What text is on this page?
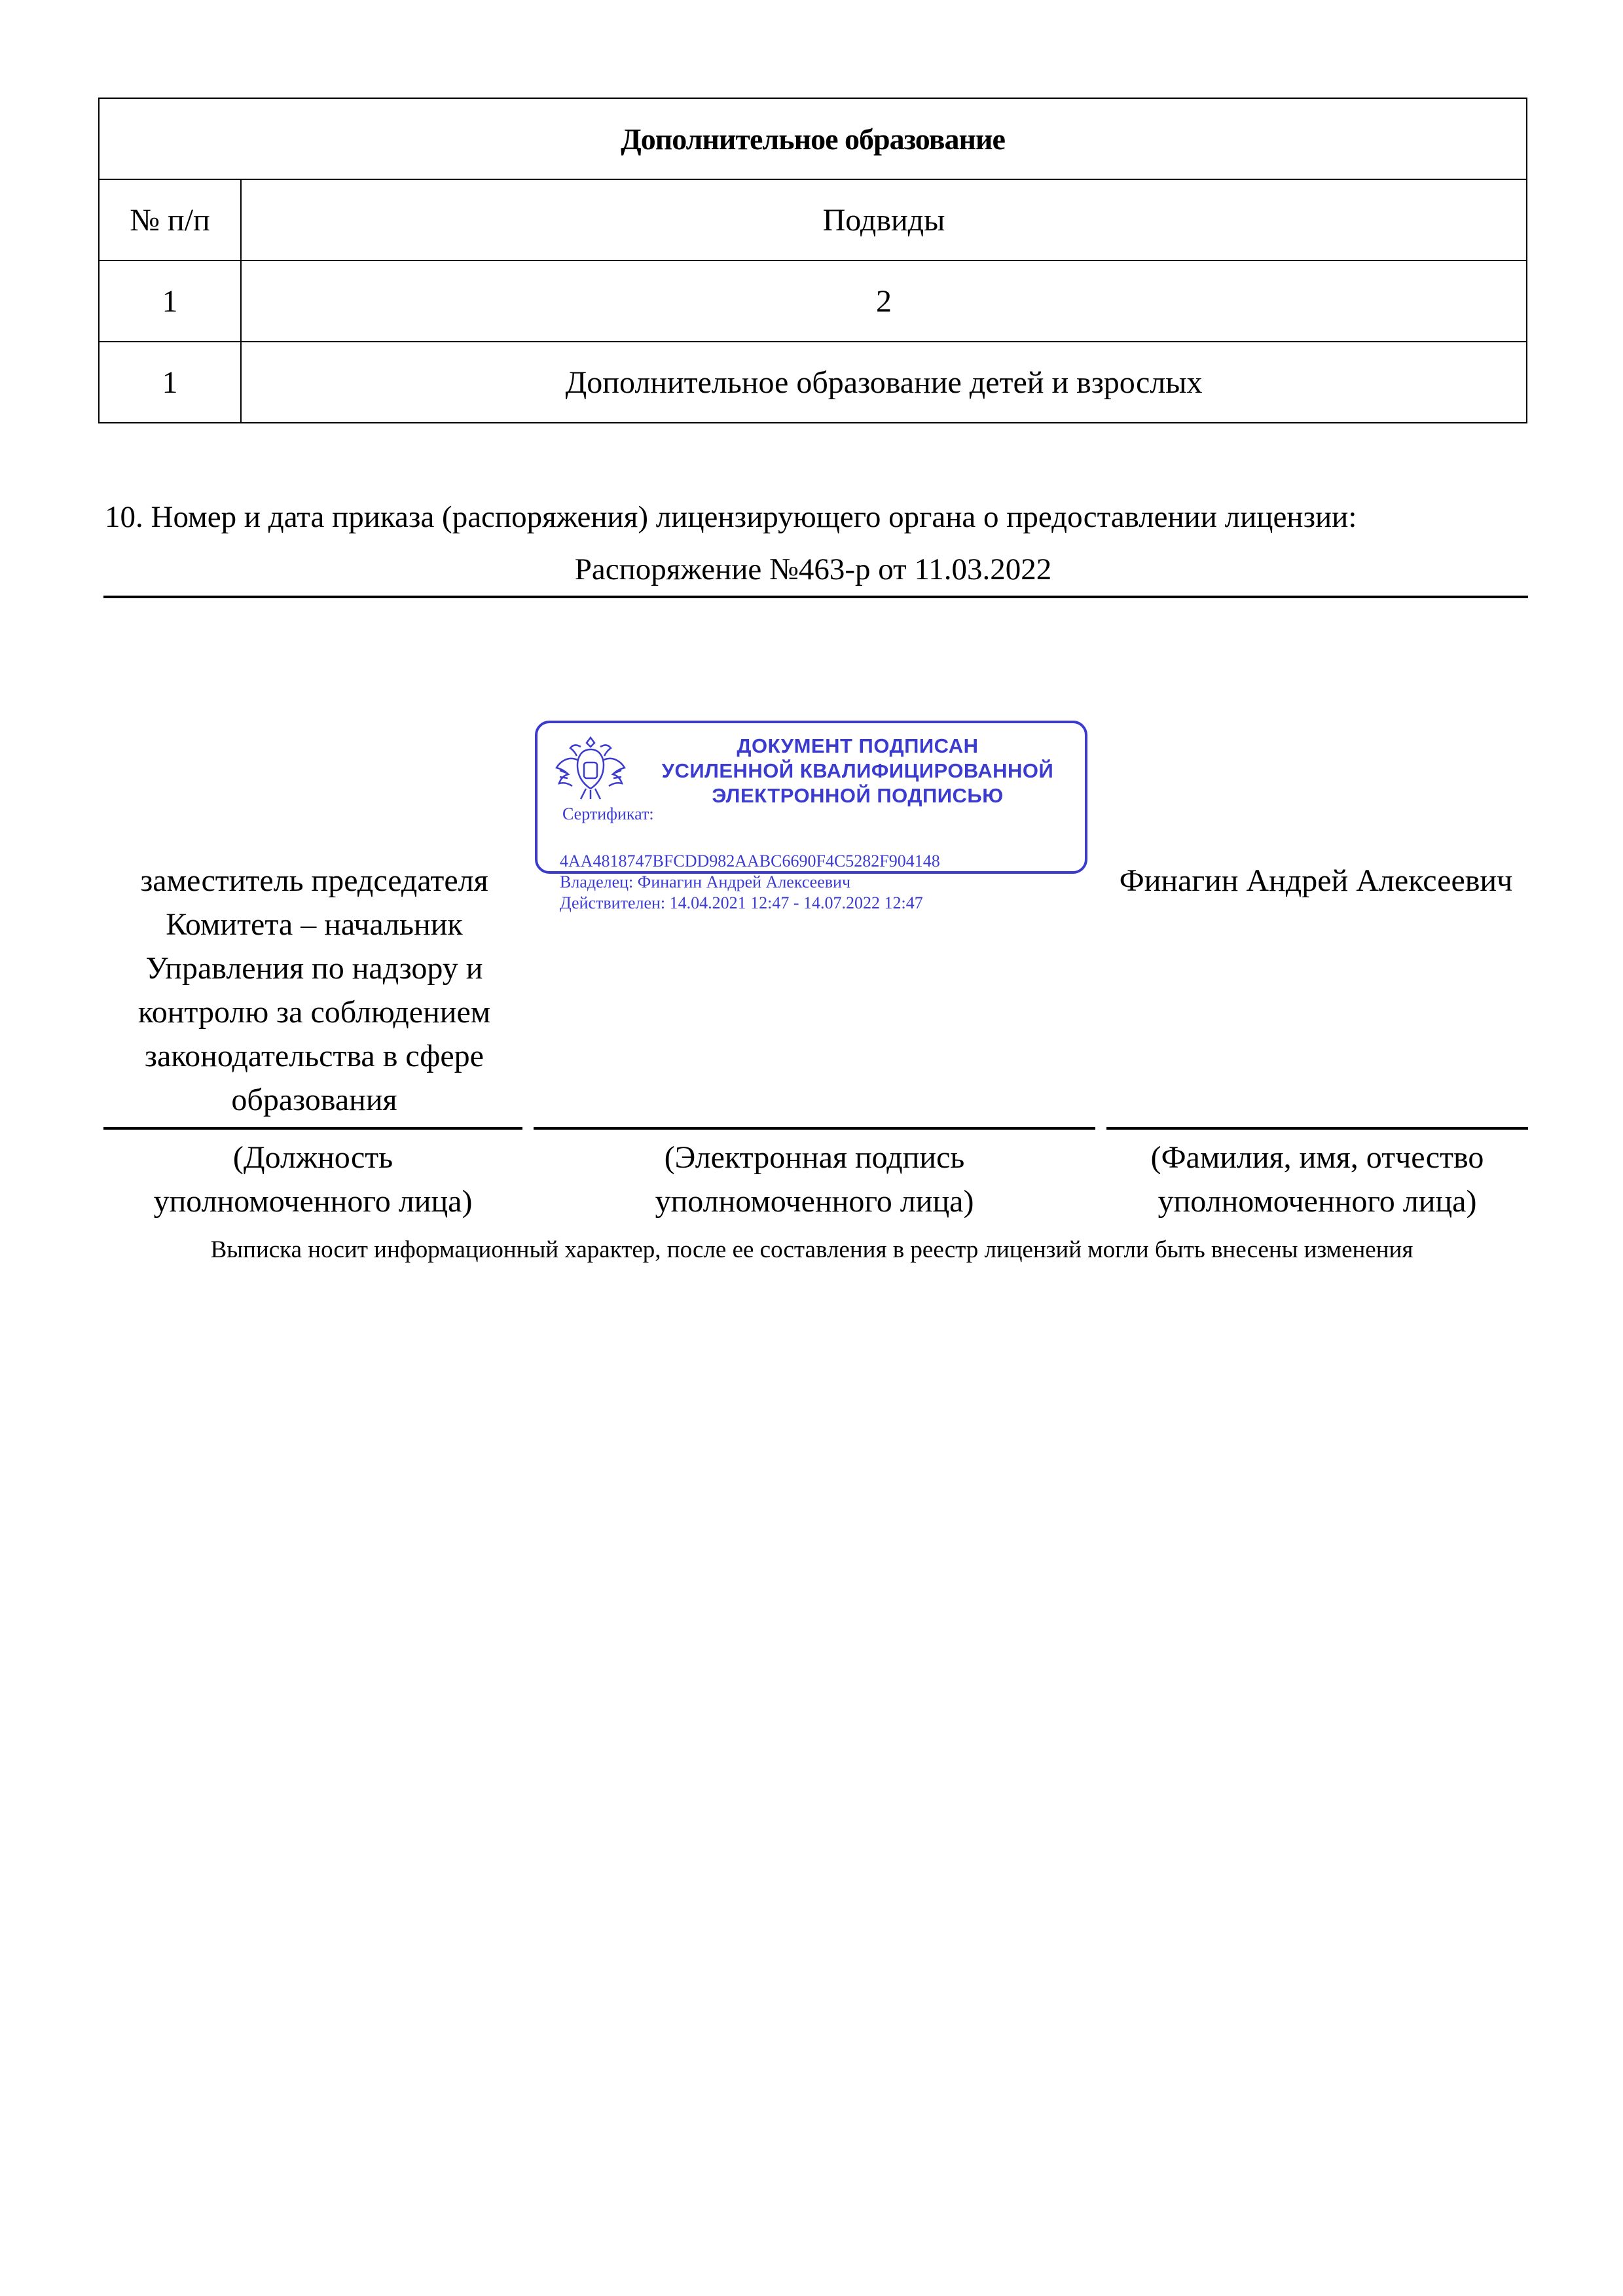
Дополнительное образование	
№ п/п	Подвиды
1	2
1	Дополнительное образование детей и взрослых
10. Номер и дата приказа (распоряжения) лицензирующего органа о предоставлении лицензии:
Распоряжение №463-р от 11.03.2022
ДОКУМЕНТ ПОДПИСАН
УСИЛЕННОЙ КВАЛИФИЦИРОВАННОЙ
ЭЛЕКТРОННОЙ ПОДПИСЬЮ
Сертификат:
4AA4818747BFCDD982AABC6690F4C5282F904148
Владелец: Финагин Андрей Алексеевич
Действителен: 14.04.2021 12:47 - 14.07.2022 12:47
заместитель председателя
Комитета – начальник
Управления по надзору и
контролю за соблюдением
законодательства в сфере
образования
Финагин Андрей Алексеевич
(Должность
уполномоченного лица)
(Электронная подпись
уполномоченного лица)
(Фамилия, имя, отчество
уполномоченного лица)
Выписка носит информационный характер, после ее составления в реестр лицензий могли быть внесены изменения
